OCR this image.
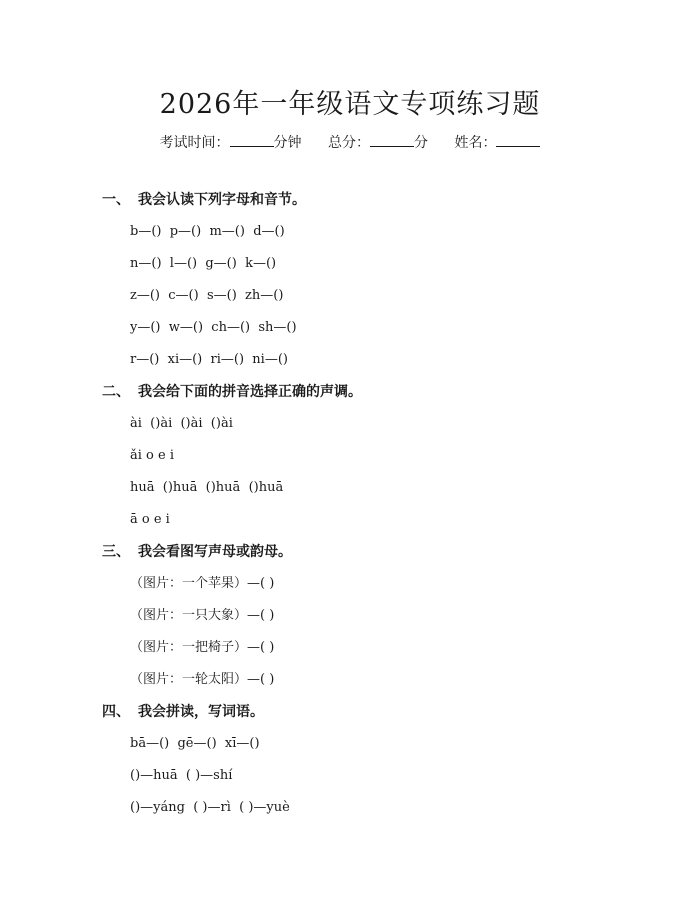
2026年一年级语文专项练习题
考试时间：	分钟 总分：	分 姓名：
一、 我会认读下列字母和音节。
b—()  p—()  m—()  d—()
n—()  l—()  g—()  k—()
z—()  c—()  s—()  zh—()
y—()  w—()  ch—()  sh—()
r—()  xi—()  ri—()  ni—()
二、 我会给下面的拼音选择正确的声调。
ài  ()ài  ()ài  ()ài
ǎi o e i
huā  ()huā  ()huā  ()huā
ā o e i
三、 我会看图写声母或韵母。
（图片：一个苹果）—( )
（图片：一只大象）—( )
（图片：一把椅子）—( )
（图片：一轮太阳）—( )
四、 我会拼读，写词语。
bā—()  gē—()  xī—()
()—huā  ( )—shí
()—yáng  ( )—rì  ( )—yuè
